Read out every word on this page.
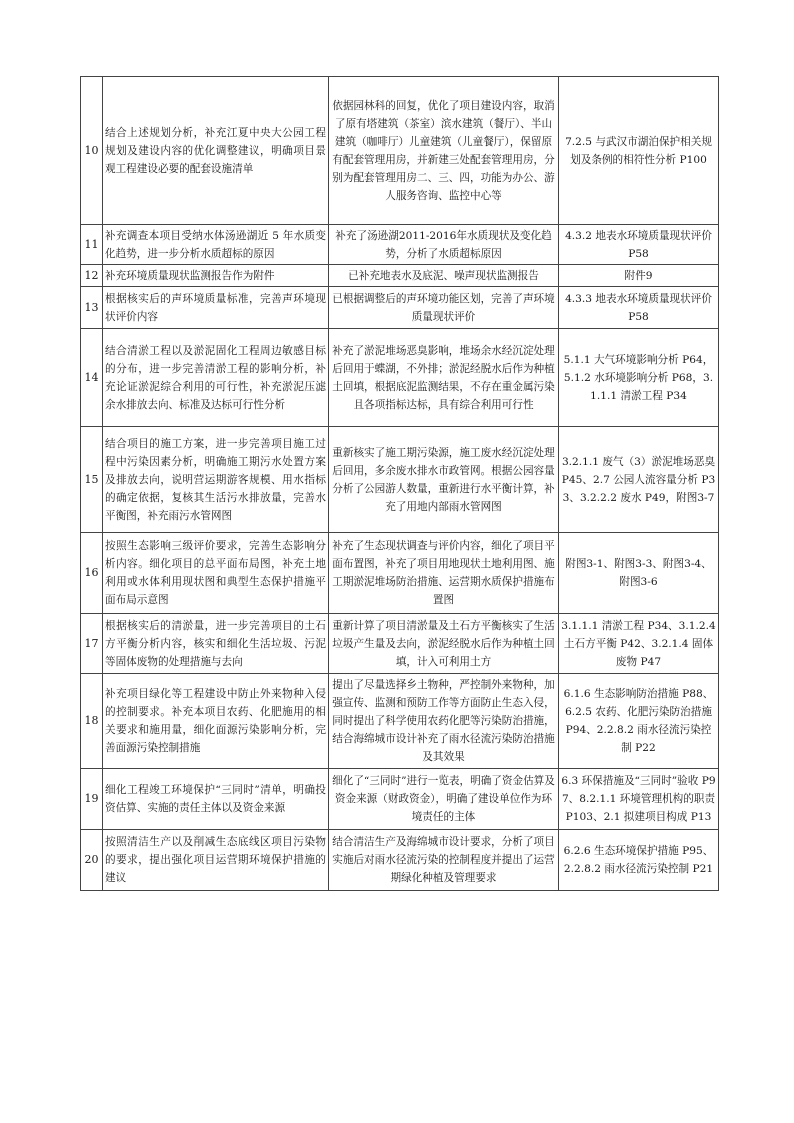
10	结合上述规划分析，补充江夏中央大公园工程规划及建设内容的优化调整建议，明确项目景观工程建设必要的配套设施清单	依据园林科的回复，优化了项目建设内容，取消了原有塔建筑（茶室）滨水建筑（餐厅）、半山建筑（咖啡厅）儿童建筑（儿童餐厅），保留原有配套管理用房，并新建三处配套管理用房，分别为配套管理用房二、三、四，功能为办公、游人服务咨询、监控中心等	7.2.5 与武汉市湖泊保护相关规划及条例的相符性分析 P100
11	补充调查本项目受纳水体汤逊湖近 5 年水质变化趋势，进一步分析水质超标的原因	补充了汤逊湖2011-2016年水质现状及变化趋势，分析了水质超标原因	4.3.2 地表水环境质量现状评价 P58
12	补充环境质量现状监测报告作为附件	已补充地表水及底泥、噪声现状监测报告	附件9
13	根据核实后的声环境质量标准，完善声环境现状评价内容	已根据调整后的声环境功能区划，完善了声环境质量现状评价	4.3.3 地表水环境质量现状评价 P58
14	结合清淤工程以及淤泥固化工程周边敏感目标的分布，进一步完善清淤工程的影响分析，补充论证淤泥综合利用的可行性，补充淤泥压滤余水排放去向、标准及达标可行性分析	补充了淤泥堆场恶臭影响，堆场余水经沉淀处理后回用于蝶湖，不外排；淤泥经脱水后作为种植土回填，根据底泥监测结果，不存在重金属污染且各项指标达标，具有综合利用可行性	5.1.1 大气环境影响分析 P64，5.1.2 水环境影响分析 P68，3.1.1.1 清淤工程 P34
15	结合项目的施工方案，进一步完善项目施工过程中污染因素分析，明确施工期污水处置方案及排放去向，说明营运期游客规模、用水指标的确定依据，复核其生活污水排放量，完善水平衡图，补充雨污水管网图	重新核实了施工期污染源，施工废水经沉淀处理后回用，多余废水排水市政管网。根据公园容量分析了公园游人数量，重新进行水平衡计算，补充了用地内部雨水管网图	3.2.1.1 废气（3）淤泥堆场恶臭 P45、2.7 公园人流容量分析 P33、3.2.2.2 废水 P49，附图3-7
16	按照生态影响三级评价要求，完善生态影响分析内容。细化项目的总平面布局图，补充土地利用或水体利用现状图和典型生态保护措施平面布局示意图	补充了生态现状调查与评价内容，细化了项目平面布置图，补充了项目用地现状土地利用图、施工期淤泥堆场防治措施、运营期水质保护措施布置图	附图3-1、附图3-3、附图3-4、附图3-6
17	根据核实后的清淤量，进一步完善项目的土石方平衡分析内容，核实和细化生活垃圾、污泥等固体废物的处理措施与去向	重新计算了项目清淤量及土石方平衡核实了生活垃圾产生量及去向，淤泥经脱水后作为种植土回填，计入可利用土方	3.1.1.1 清淤工程 P34、3.1.2.4 土石方平衡 P42、3.2.1.4 固体废物 P47
18	补充项目绿化等工程建设中防止外来物种入侵的控制要求。补充本项目农药、化肥施用的相关要求和施用量，细化面源污染影响分析，完善面源污染控制措施	提出了尽量选择乡土物种，严控制外来物种，加强宣传、监测和预防工作等方面防止生态入侵，同时提出了科学使用农药化肥等污染防治措施，结合海绵城市设计补充了雨水径流污染防治措施及其效果	6.1.6 生态影响防治措施 P88、6.2.5 农药、化肥污染防治措施 P94、2.2.8.2 雨水径流污染控制 P22
19	细化工程竣工环境保护“三同时”清单，明确投资估算、实施的责任主体以及资金来源	细化了“三同时”进行一览表，明确了资金估算及资金来源（财政资金），明确了建设单位作为环境责任的主体	6.3 环保措施及“三同时”验收 P97、8.2.1.1 环境管理机构的职责 P103、2.1 拟建项目构成 P13
20	按照清洁生产以及削减生态底线区项目污染物的要求，提出强化项目运营期环境保护措施的建议	结合清洁生产及海绵城市设计要求，分析了项目实施后对雨水径流污染的控制程度并提出了运营期绿化种植及管理要求	6.2.6 生态环境保护措施 P95、2.2.8.2 雨水径流污染控制 P21
